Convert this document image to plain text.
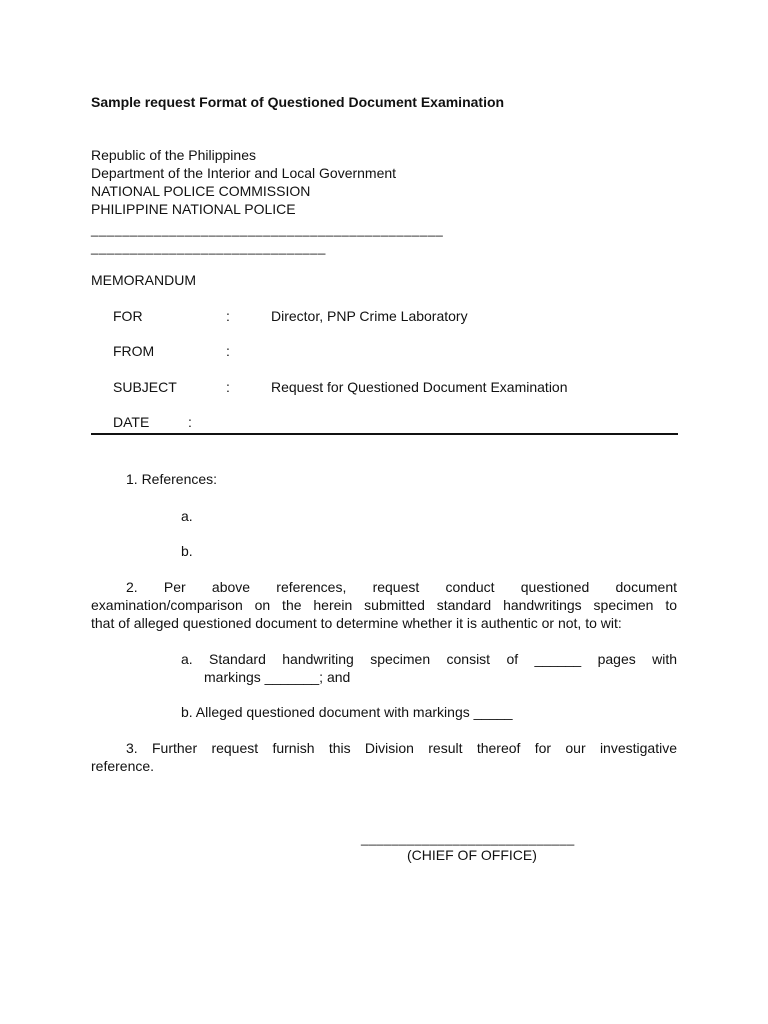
Sample request Format of Questioned Document Examination
Republic of the Philippines
Department of the Interior and Local Government
NATIONAL POLICE COMMISSION
PHILIPPINE NATIONAL POLICE
_____________________________________________
______________________________
MEMORANDUM
FOR	:	Director, PNP Crime Laboratory
FROM	:
SUBJECT	:	Request for Questioned Document Examination
DATE	:
1. References:
a.
b.
2. Per above references, request conduct questioned document
examination/comparison on the herein submitted standard handwritings specimen to
that of alleged questioned document to determine whether it is authentic or not, to wit:
a. Standard handwriting specimen consist of ______ pages with
markings _______; and
b. Alleged questioned document with markings _____
3. Further request furnish this Division result thereof for our investigative
reference.
____________________________
(CHIEF OF OFFICE)
